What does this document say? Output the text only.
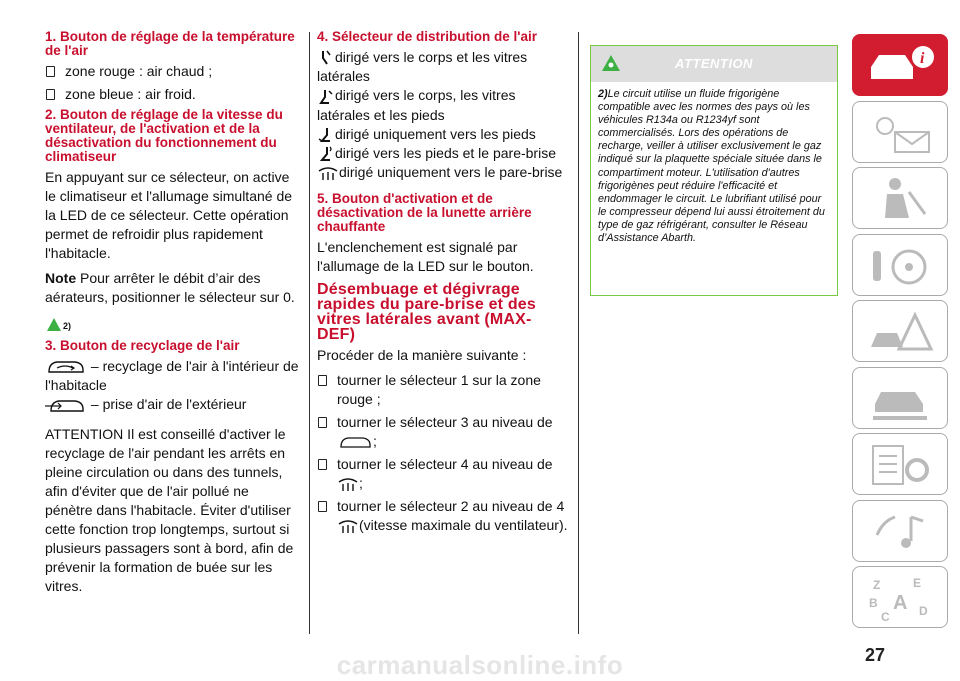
1. Bouton de réglage de la température de l'air
zone rouge : air chaud ;
zone bleue : air froid.
2. Bouton de réglage de la vitesse du ventilateur, de l'activation et de la désactivation du fonctionnement du climatiseur

En appuyant sur ce sélecteur, on active le climatiseur et l'allumage simultané de la LED de ce sélecteur. Cette opération permet de refroidir plus rapidement l'habitacle.

Note Pour arrêter le débit d’air des aérateurs, positionner le sélecteur sur 0.

2)
3. Bouton de recyclage de l'air

– recyclage de l'air à l'intérieur de l'habitacle

– prise d'air de l'extérieur

ATTENTION Il est conseillé d'activer le recyclage de l'air pendant les arrêts en pleine circulation ou dans des tunnels, afin d'éviter que de l'air pollué ne pénètre dans l'habitacle. Éviter d'utiliser cette fonction trop longtemps, surtout si plusieurs passagers sont à bord, afin de prévenir la formation de buée sur les vitres.

4. Sélecteur de distribution de l'air

dirigé vers le corps et les vitres latérales

dirigé vers le corps, les vitres latérales et les pieds

dirigé uniquement vers les pieds

dirigé vers les pieds et le pare-brise

dirigé uniquement vers le pare-brise

5. Bouton d'activation et de désactivation de la lunette arrière chauffante

L'enclenchement est signalé par l'allumage de la LED sur le bouton.

Désembuage et dégivrage rapides du pare-brise et des vitres latérales avant (MAX-DEF)

Procéder de la manière suivante :

tourner le sélecteur 1 sur la zone rouge ;
tourner le sélecteur 3 au niveau de
;
tourner le sélecteur 4 au niveau de
;
tourner le sélecteur 2 au niveau de 4
(vitesse maximale du ventilateur).
ATTENTION
2)Le circuit utilise un fluide frigorigène compatible avec les normes des pays où les véhicules R134a ou R1234yf sont commercialisés. Lors des opérations de recharge, veiller à utiliser exclusivement le gaz indiqué sur la plaquette spéciale située dans le compartiment moteur. L'utilisation d'autres frigorigènes peut réduire l'efficacité et endommager le circuit. Le lubrifiant utilisé pour le compresseur dépend lui aussi étroitement du type de gaz réfrigérant, consulter le Réseau d’Assistance Abarth.
i
Z	E
B A
C D
27
carmanualsonline.info
